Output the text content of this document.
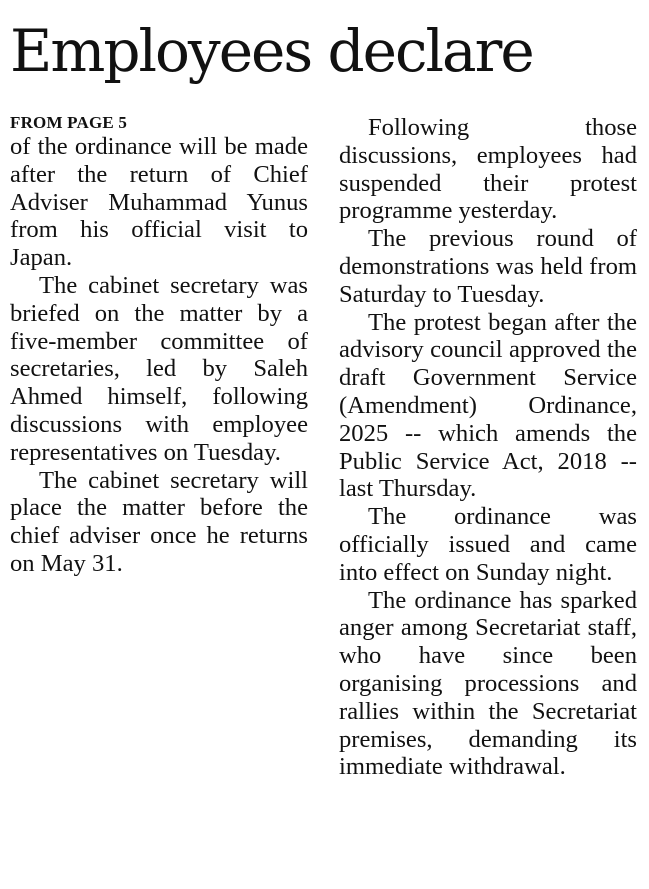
Employees declare
FROM PAGE 5

of the ordinance will be made after the return of Chief Adviser Muhammad Yunus from his official visit to Japan.

The cabinet secretary was briefed on the matter by a five-member committee of secretaries, led by Saleh Ahmed himself, following discussions with employee representatives on Tuesday.

The cabinet secretary will place the matter before the chief adviser once he returns on May 31.

Following those discussions, employees had suspended their protest programme yesterday.

The previous round of demonstrations was held from Saturday to Tuesday.

The protest began after the advisory council approved the draft Government Service (Amendment) Ordinance, 2025 -- which amends the Public Service Act, 2018 -- last Thursday.

The ordinance was officially issued and came into effect on Sunday night.

The ordinance has sparked anger among Secretariat staff, who have since been organising processions and rallies within the Secretariat premises, demanding its immediate withdrawal.
